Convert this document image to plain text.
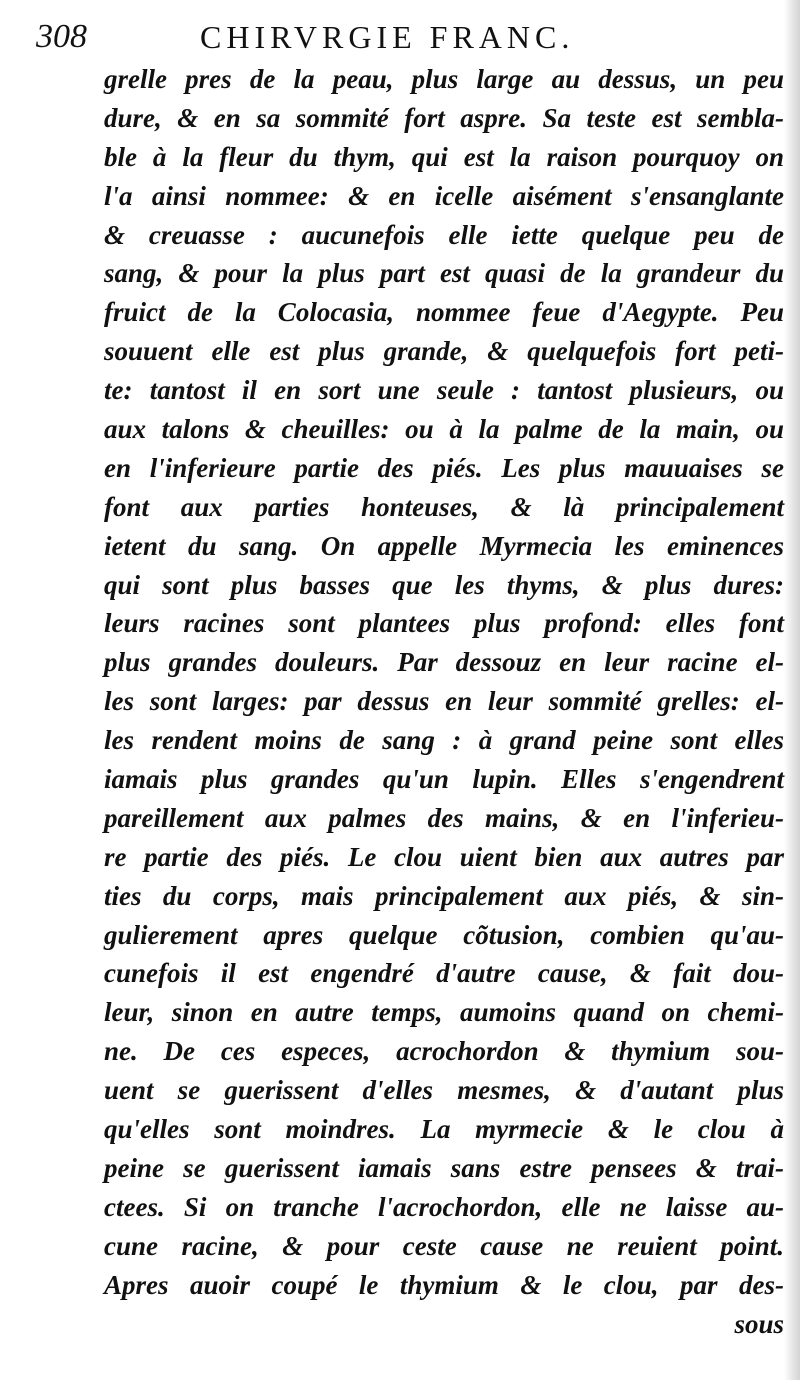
308	CHIRVRGIE FRANC.
grelle pres de la peau, plus large au dessus, un peu
dure, & en sa sommité fort aspre. Sa teste est sembla-
ble à la fleur du thym, qui est la raison pourquoy on
l'a ainsi nommee: & en icelle aisément s'ensanglante
& creuasse : aucunefois elle iette quelque peu de
sang, & pour la plus part est quasi de la grandeur du
fruict de la Colocasia, nommee feue d'Aegypte. Peu
souuent elle est plus grande, & quelquefois fort peti-
te: tantost il en sort une seule : tantost plusieurs, ou
aux talons & cheuilles: ou à la palme de la main, ou
en l'inferieure partie des piés. Les plus mauuaises se
font aux parties honteuses, & là principalement
ietent du sang. On appelle Myrmecia les eminences
qui sont plus basses que les thyms, & plus dures:
leurs racines sont plantees plus profond: elles font
plus grandes douleurs. Par dessouz en leur racine el-
les sont larges: par dessus en leur sommité grelles: el-
les rendent moins de sang : à grand peine sont elles
iamais plus grandes qu'un lupin. Elles s'engendrent
pareillement aux palmes des mains, & en l'inferieu-
re partie des piés. Le clou uient bien aux autres par
ties du corps, mais principalement aux piés, & sin-
gulierement apres quelque cõtusion, combien qu'au-
cunefois il est engendré d'autre cause, & fait dou-
leur, sinon en autre temps, aumoins quand on chemi-
ne. De ces especes, acrochordon & thymium sou-
uent se guerissent d'elles mesmes, & d'autant plus
qu'elles sont moindres. La myrmecie & le clou à
peine se guerissent iamais sans estre pensees & trai-
ctees. Si on tranche l'acrochordon, elle ne laisse au-
cune racine, & pour ceste cause ne reuient point.
Apres auoir coupé le thymium & le clou, par des-
sous
